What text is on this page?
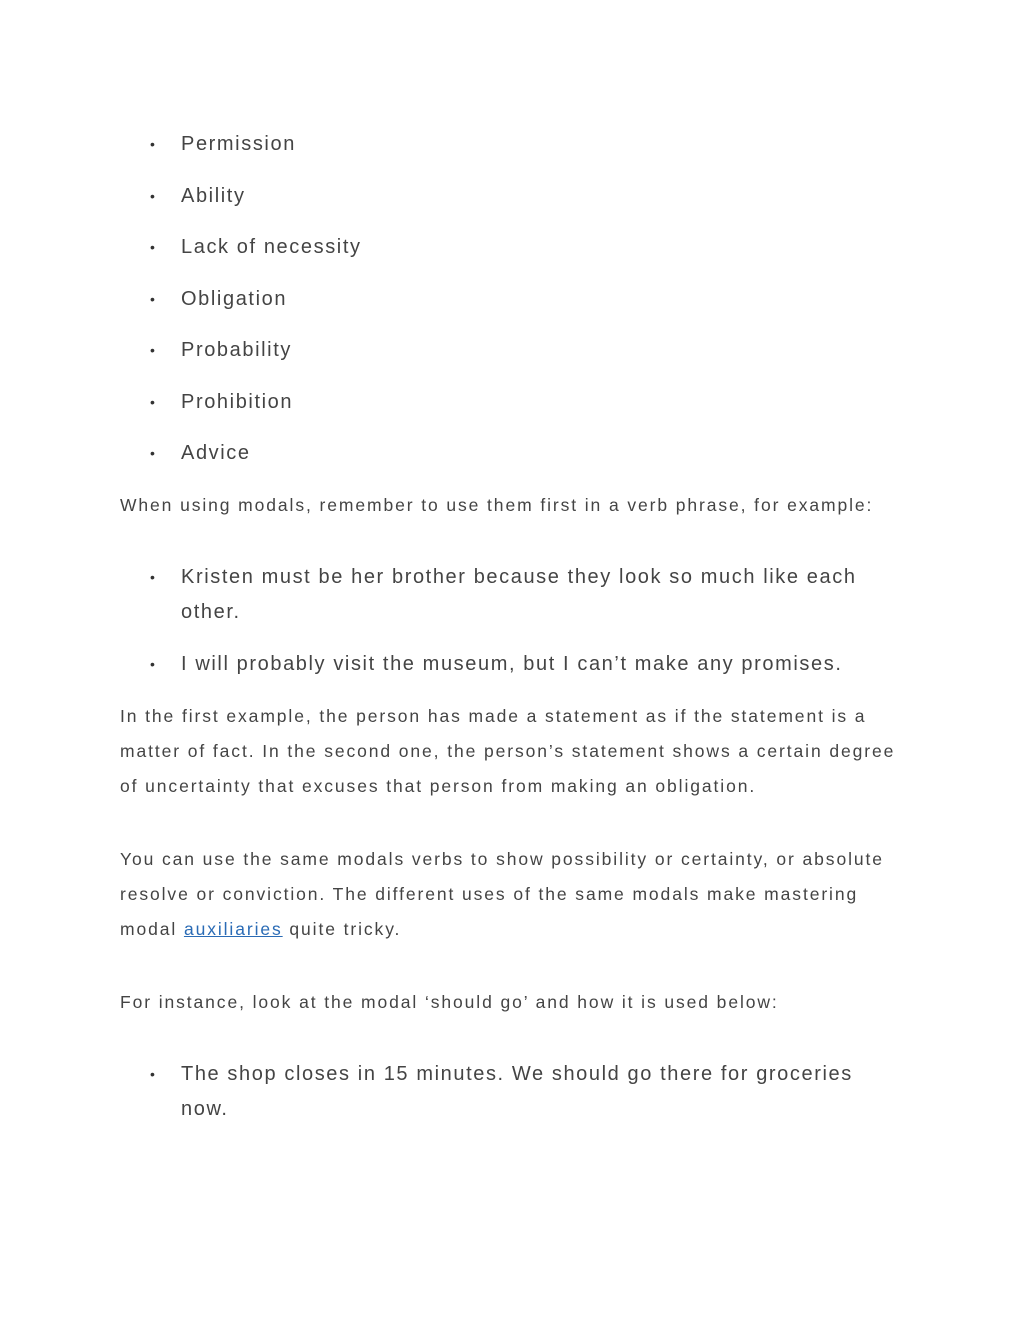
• Permission
• Ability
• Lack of necessity
• Obligation
• Probability
• Prohibition
• Advice

When using modals, remember to use them first in a verb phrase, for example:

• Kristen must be her brother because they look so much like each other.
• I will probably visit the museum, but I can’t make any promises.

In the first example, the person has made a statement as if the statement is a matter of fact. In the second one, the person’s statement shows a certain degree of uncertainty that excuses that person from making an obligation.

You can use the same modals verbs to show possibility or certainty, or absolute resolve or conviction. The different uses of the same modals make mastering modal auxiliaries quite tricky.

For instance, look at the modal ‘should go’ and how it is used below:

• The shop closes in 15 minutes. We should go there for groceries now.
